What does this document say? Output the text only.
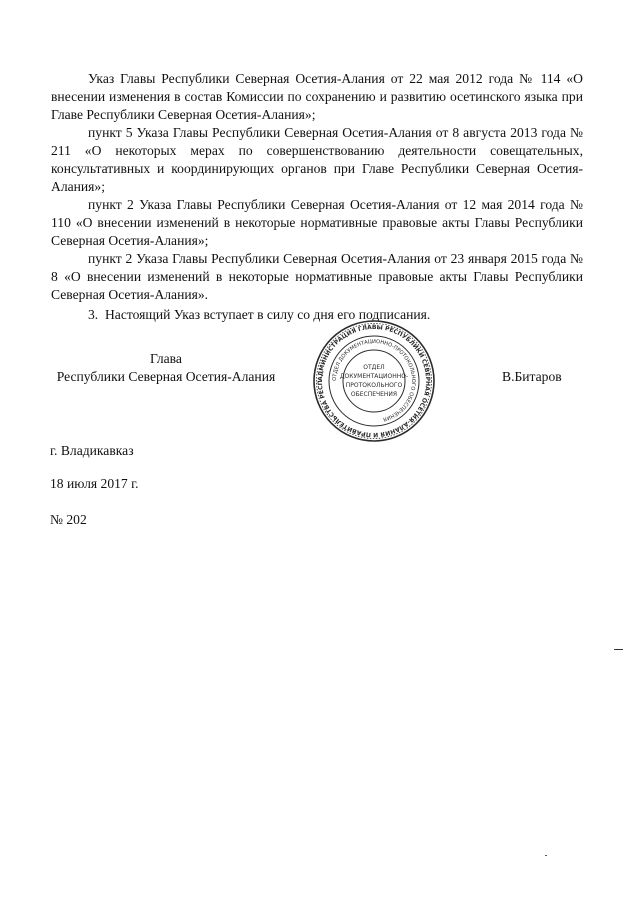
Указ Главы Республики Северная Осетия-Алания от 22 мая 2012 года № 114 «О внесении изменения в состав Комиссии по сохранению и развитию осетинского языка при Главе Республики Северная Осетия-Алания»;

пункт 5 Указа Главы Республики Северная Осетия-Алания от 8 августа 2013 года № 211 «О некоторых мерах по совершенствованию деятельности совещательных, консультативных и координирующих органов при Главе Республики Северная Осетия-Алания»;

пункт 2 Указа Главы Республики Северная Осетия-Алания от 12 мая 2014 года № 110 «О внесении изменений в некоторые нормативные правовые акты Главы Республики Северная Осетия-Алания»;

пункт 2 Указа Главы Республики Северная Осетия-Алания от 23 января 2015 года № 8 «О внесении изменений в некоторые нормативные правовые акты Главы Республики Северная Осетия-Алания».

3.  Настоящий Указ вступает в силу со дня его подписания.

Глава
Республики Северная Осетия-Алания	АДМИНИСТРАЦИЯ ГЛАВЫ РЕСПУБЛИКИ СЕВЕРНАЯ ОСЕТИЯ-АЛАНИЯ И ПРАВИТЕЛЬСТВА РЕСП
ОТДЕЛ ДОКУМЕНТАЦИОННО-ПРОТОКОЛЬНОГО ОБЕСПЕЧЕНИЯ
ОТДЕЛ
ДОКУМЕНТАЦИОННО-
ПРОТОКОЛЬНОГО
ОБЕСПЕЧЕНИЯ
В.Битаров
г. Владикавказ
18 июля 2017 г.
№ 202
